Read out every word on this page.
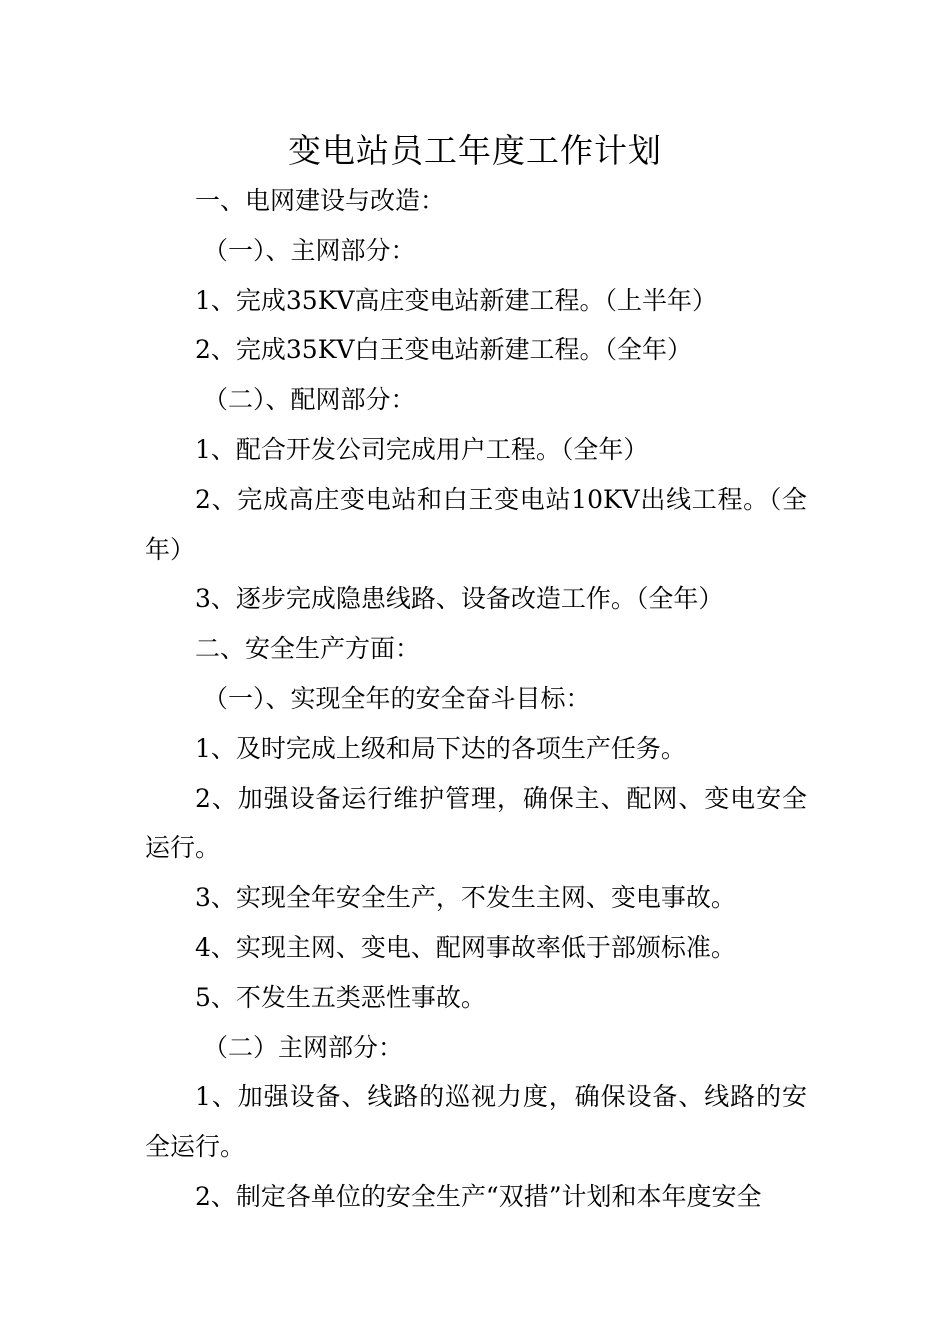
变电站员工年度工作计划

一、电网建设与改造：

（一）、主网部分：

1、完成35KV高庄变电站新建工程。（上半年）

2、完成35KV白王变电站新建工程。（全年）

（二）、配网部分：

1、配合开发公司完成用户工程。（全年）

2、完成高庄变电站和白王变电站10KV出线工程。（全年）

3、逐步完成隐患线路、设备改造工作。（全年）

二、安全生产方面：

（一）、实现全年的安全奋斗目标：

1、及时完成上级和局下达的各项生产任务。

2、加强设备运行维护管理，确保主、配网、变电安全运行。

3、实现全年安全生产，不发生主网、变电事故。

4、实现主网、变电、配网事故率低于部颁标准。

5、不发生五类恶性事故。

（二）主网部分：

1、加强设备、线路的巡视力度，确保设备、线路的安全运行。

2、制定各单位的安全生产“双措”计划和本年度安全
